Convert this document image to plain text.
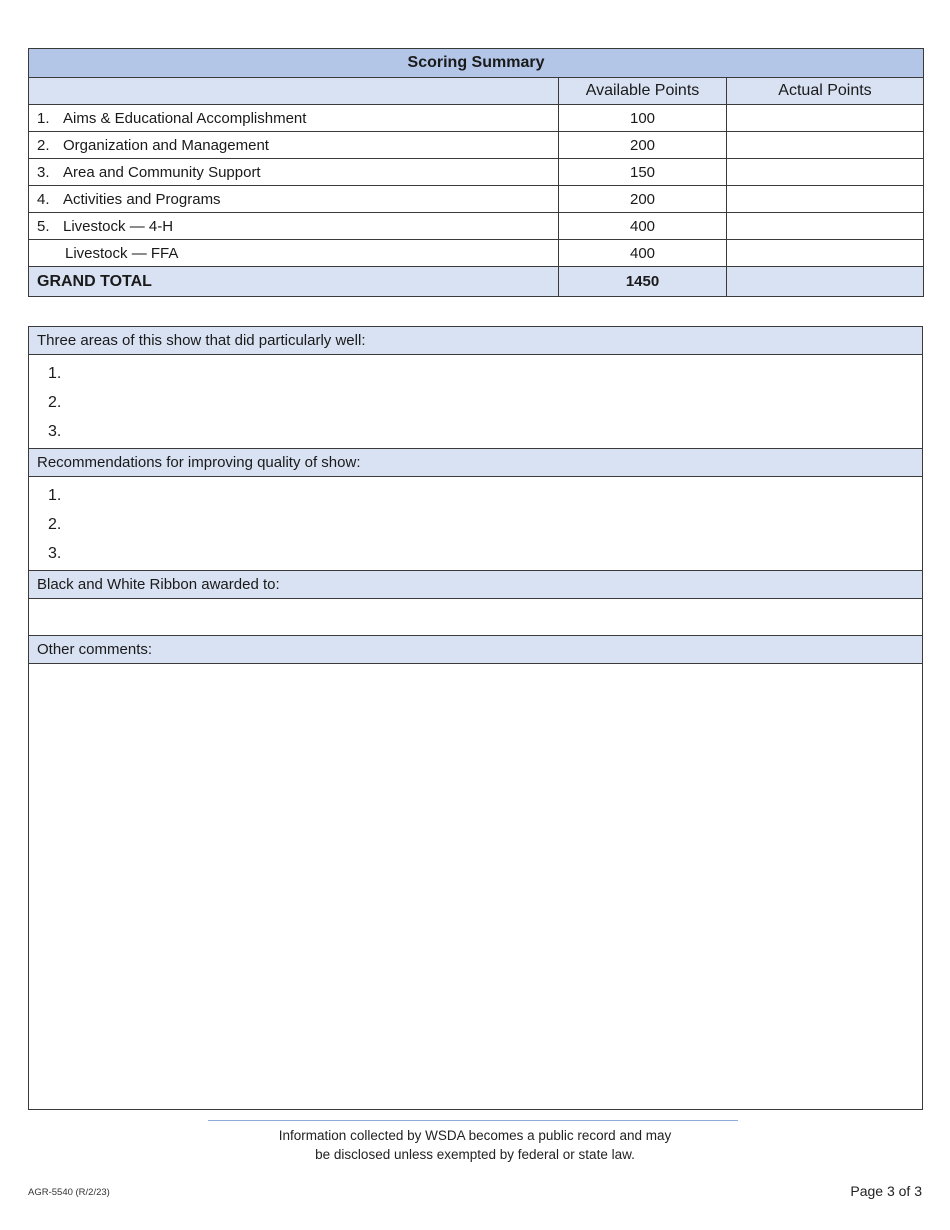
Scoring Summary		
	Available Points	Actual Points
1. Aims & Educational Accomplishment	100	
2. Organization and Management	200	
3. Area and Community Support	150	
4. Activities and Programs	200	
5. Livestock — 4-H	400	
Livestock — FFA	400	
GRAND TOTAL	1450	
Three areas of this show that did particularly well:
1.
2.
3.
Recommendations for improving quality of show:
1.
2.
3.
Black and White Ribbon awarded to:
Other comments:
Information collected by WSDA becomes a public record and may
be disclosed unless exempted by federal or state law.
AGR-5540 (R/2/23)	Page 3 of 3
